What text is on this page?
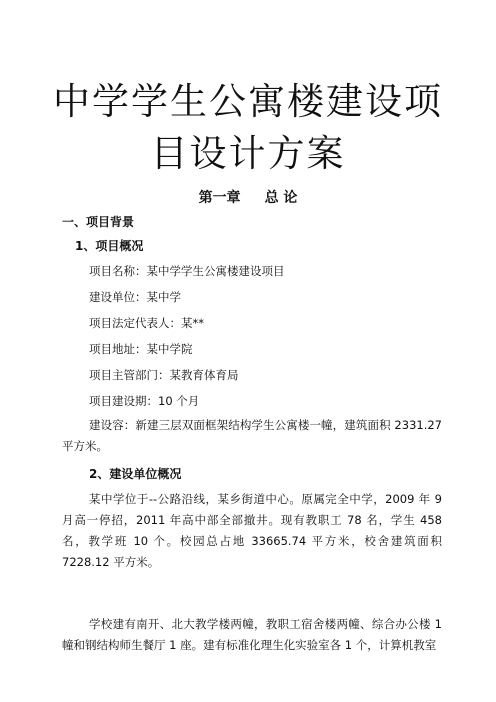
中学学生公寓楼建设项
目设计方案
第一章 总 论
一、项目背景
1、项目概况
项目名称：某中学学生公寓楼建设项目
建设单位：某中学
项目法定代表人：某**
项目地址：某中学院
项目主管部门：某教育体育局
项目建设期：10 个月
建设容：新建三层双面框架结构学生公寓楼一幢，建筑面积 2331.27 平方米。
2、建设单位概况
某中学位于--公路沿线，某乡街道中心。原属完全中学，2009 年 9 月高一停招，2011 年高中部全部撤井。现有教职工 78 名，学生 458 名，教学班 10 个。校园总占地 33665.74 平方米，校舍建筑面积 7228.12 平方米。
学校建有南开、北大教学楼两幢，教职工宿舍楼两幢、综合办公楼 1 幢和钢结构师生餐厅 1 座。建有标准化理生化实验室各 1 个，计算机教室
